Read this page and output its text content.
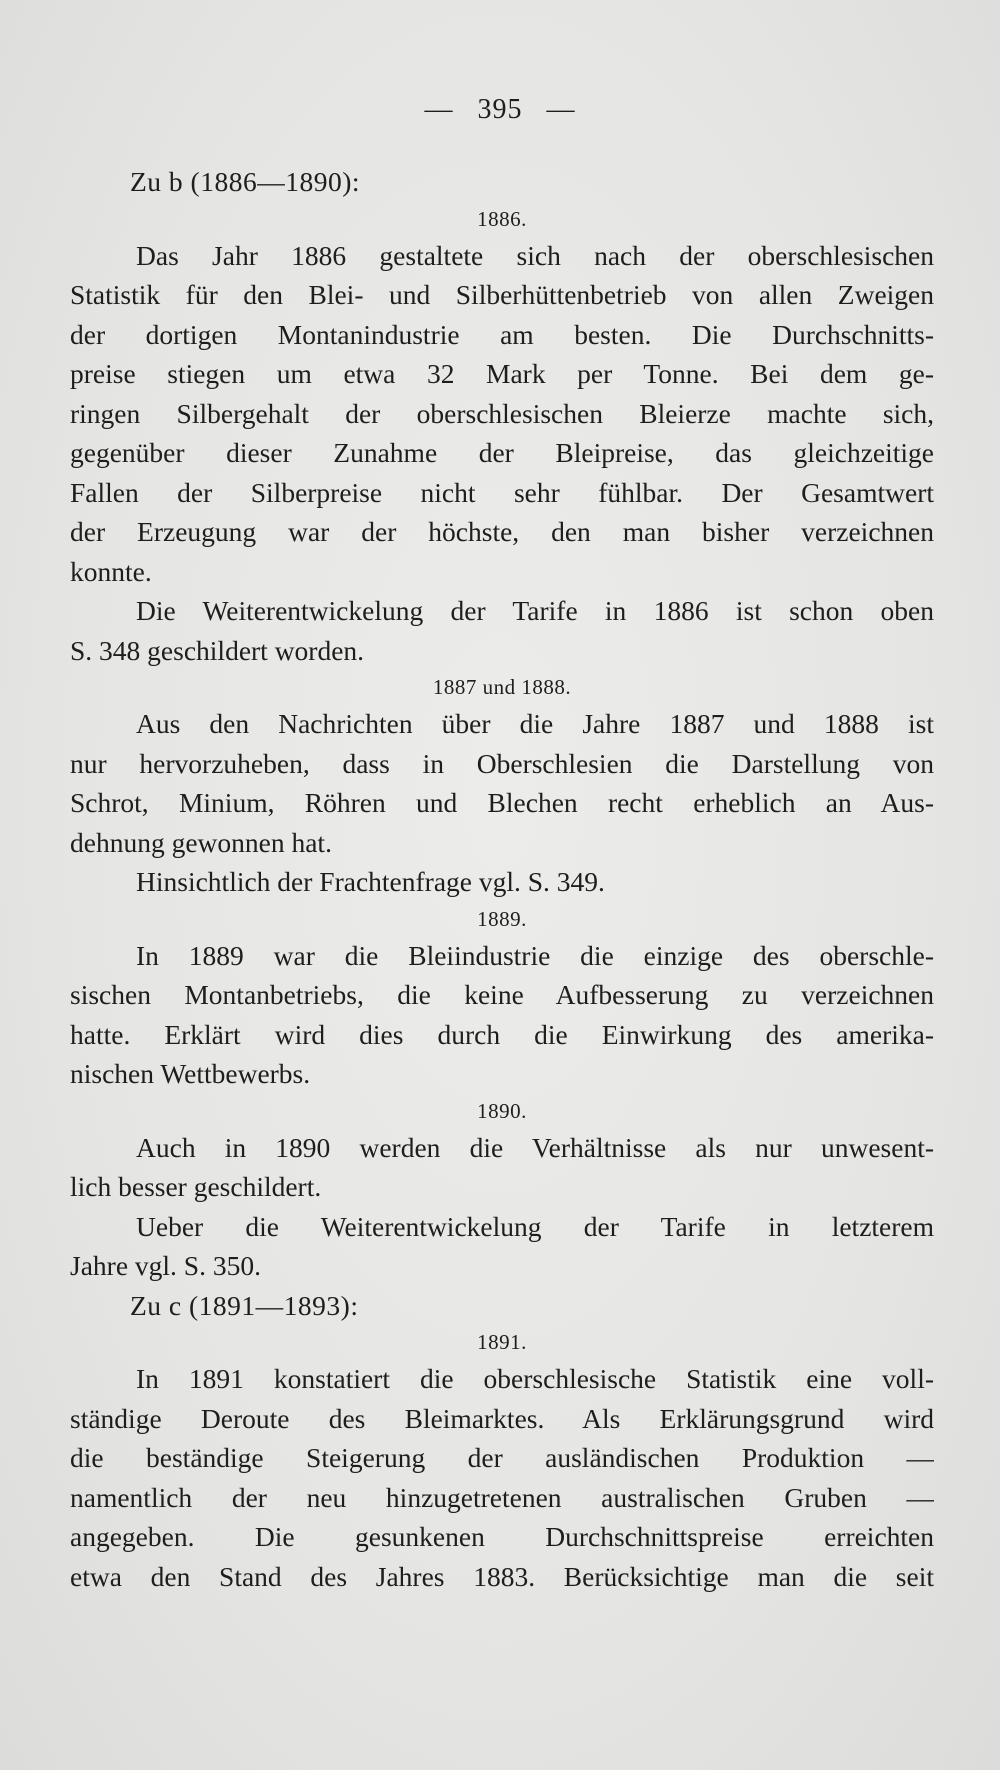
— 395 —
Zu b (1886—1890):
1886.
Das Jahr 1886 gestaltete sich nach der oberschlesischen
Statistik für den Blei- und Silberhüttenbetrieb von allen Zweigen
der dortigen Montanindustrie am besten. Die Durchschnitts-
preise stiegen um etwa 32 Mark per Tonne. Bei dem ge-
ringen Silbergehalt der oberschlesischen Bleierze machte sich,
gegenüber dieser Zunahme der Bleipreise, das gleichzeitige
Fallen der Silberpreise nicht sehr fühlbar. Der Gesamtwert
der Erzeugung war der höchste, den man bisher verzeichnen
konnte.
Die Weiterentwickelung der Tarife in 1886 ist schon oben
S. 348 geschildert worden.
1887 und 1888.
Aus den Nachrichten über die Jahre 1887 und 1888 ist
nur hervorzuheben, dass in Oberschlesien die Darstellung von
Schrot, Minium, Röhren und Blechen recht erheblich an Aus-
dehnung gewonnen hat.
Hinsichtlich der Frachtenfrage vgl. S. 349.
1889.
In 1889 war die Bleiindustrie die einzige des oberschle-
sischen Montanbetriebs, die keine Aufbesserung zu verzeichnen
hatte. Erklärt wird dies durch die Einwirkung des amerika-
nischen Wettbewerbs.
1890.
Auch in 1890 werden die Verhältnisse als nur unwesent-
lich besser geschildert.
Ueber die Weiterentwickelung der Tarife in letzterem
Jahre vgl. S. 350.
Zu c (1891—1893):
1891.
In 1891 konstatiert die oberschlesische Statistik eine voll-
ständige Deroute des Bleimarktes. Als Erklärungsgrund wird
die beständige Steigerung der ausländischen Produktion —
namentlich der neu hinzugetretenen australischen Gruben —
angegeben. Die gesunkenen Durchschnittspreise erreichten
etwa den Stand des Jahres 1883. Berücksichtige man die seit
